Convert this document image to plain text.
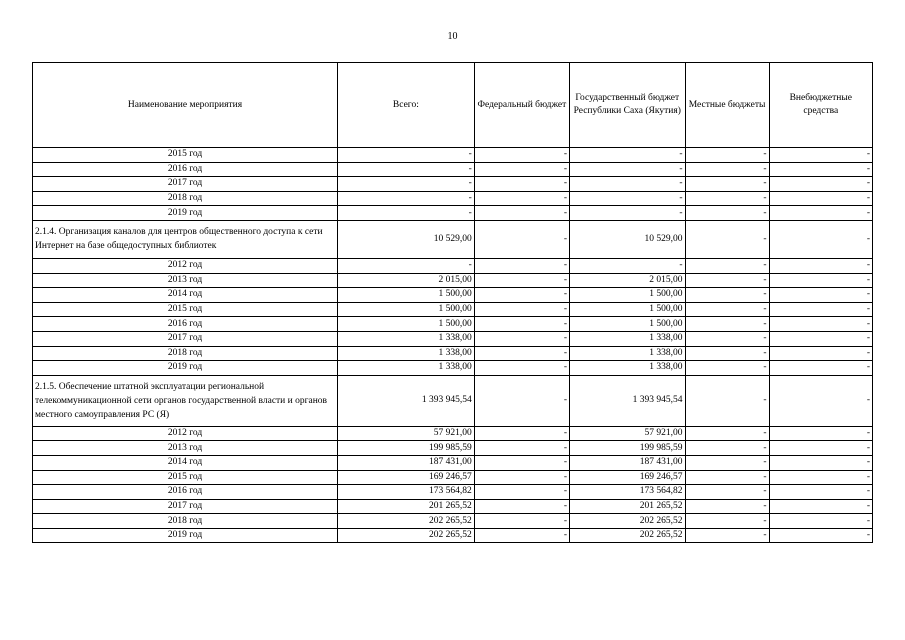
10
Наименование мероприятия	Всего:	Федеральный бюджет	Государственный бюджет Республики Саха (Якутия)	Местные бюджеты	Внебюджетные средства
2015 год	-	-	-	-	-
2016 год	-	-	-	-	-
2017 год	-	-	-	-	-
2018 год	-	-	-	-	-
2019 год	-	-	-	-	-
2.1.4. Организация каналов для центров общественного доступа к сети Интернет на базе общедоступных библиотек	10 529,00	-	10 529,00	-	-
2012 год	-	-	-	-	-
2013 год	2 015,00	-	2 015,00	-	-
2014 год	1 500,00	-	1 500,00	-	-
2015 год	1 500,00	-	1 500,00	-	-
2016 год	1 500,00	-	1 500,00	-	-
2017 год	1 338,00	-	1 338,00	-	-
2018 год	1 338,00	-	1 338,00	-	-
2019 год	1 338,00	-	1 338,00	-	-
2.1.5. Обеспечение штатной эксплуатации региональной телекоммуникационной сети органов государственной власти и органов местного самоуправления РС (Я)	1 393 945,54	-	1 393 945,54	-	-
2012 год	57 921,00	-	57 921,00	-	-
2013 год	199 985,59	-	199 985,59	-	-
2014 год	187 431,00	-	187 431,00	-	-
2015 год	169 246,57	-	169 246,57	-	-
2016 год	173 564,82	-	173 564,82	-	-
2017 год	201 265,52	-	201 265,52	-	-
2018 год	202 265,52	-	202 265,52	-	-
2019 год	202 265,52	-	202 265,52	-	-
